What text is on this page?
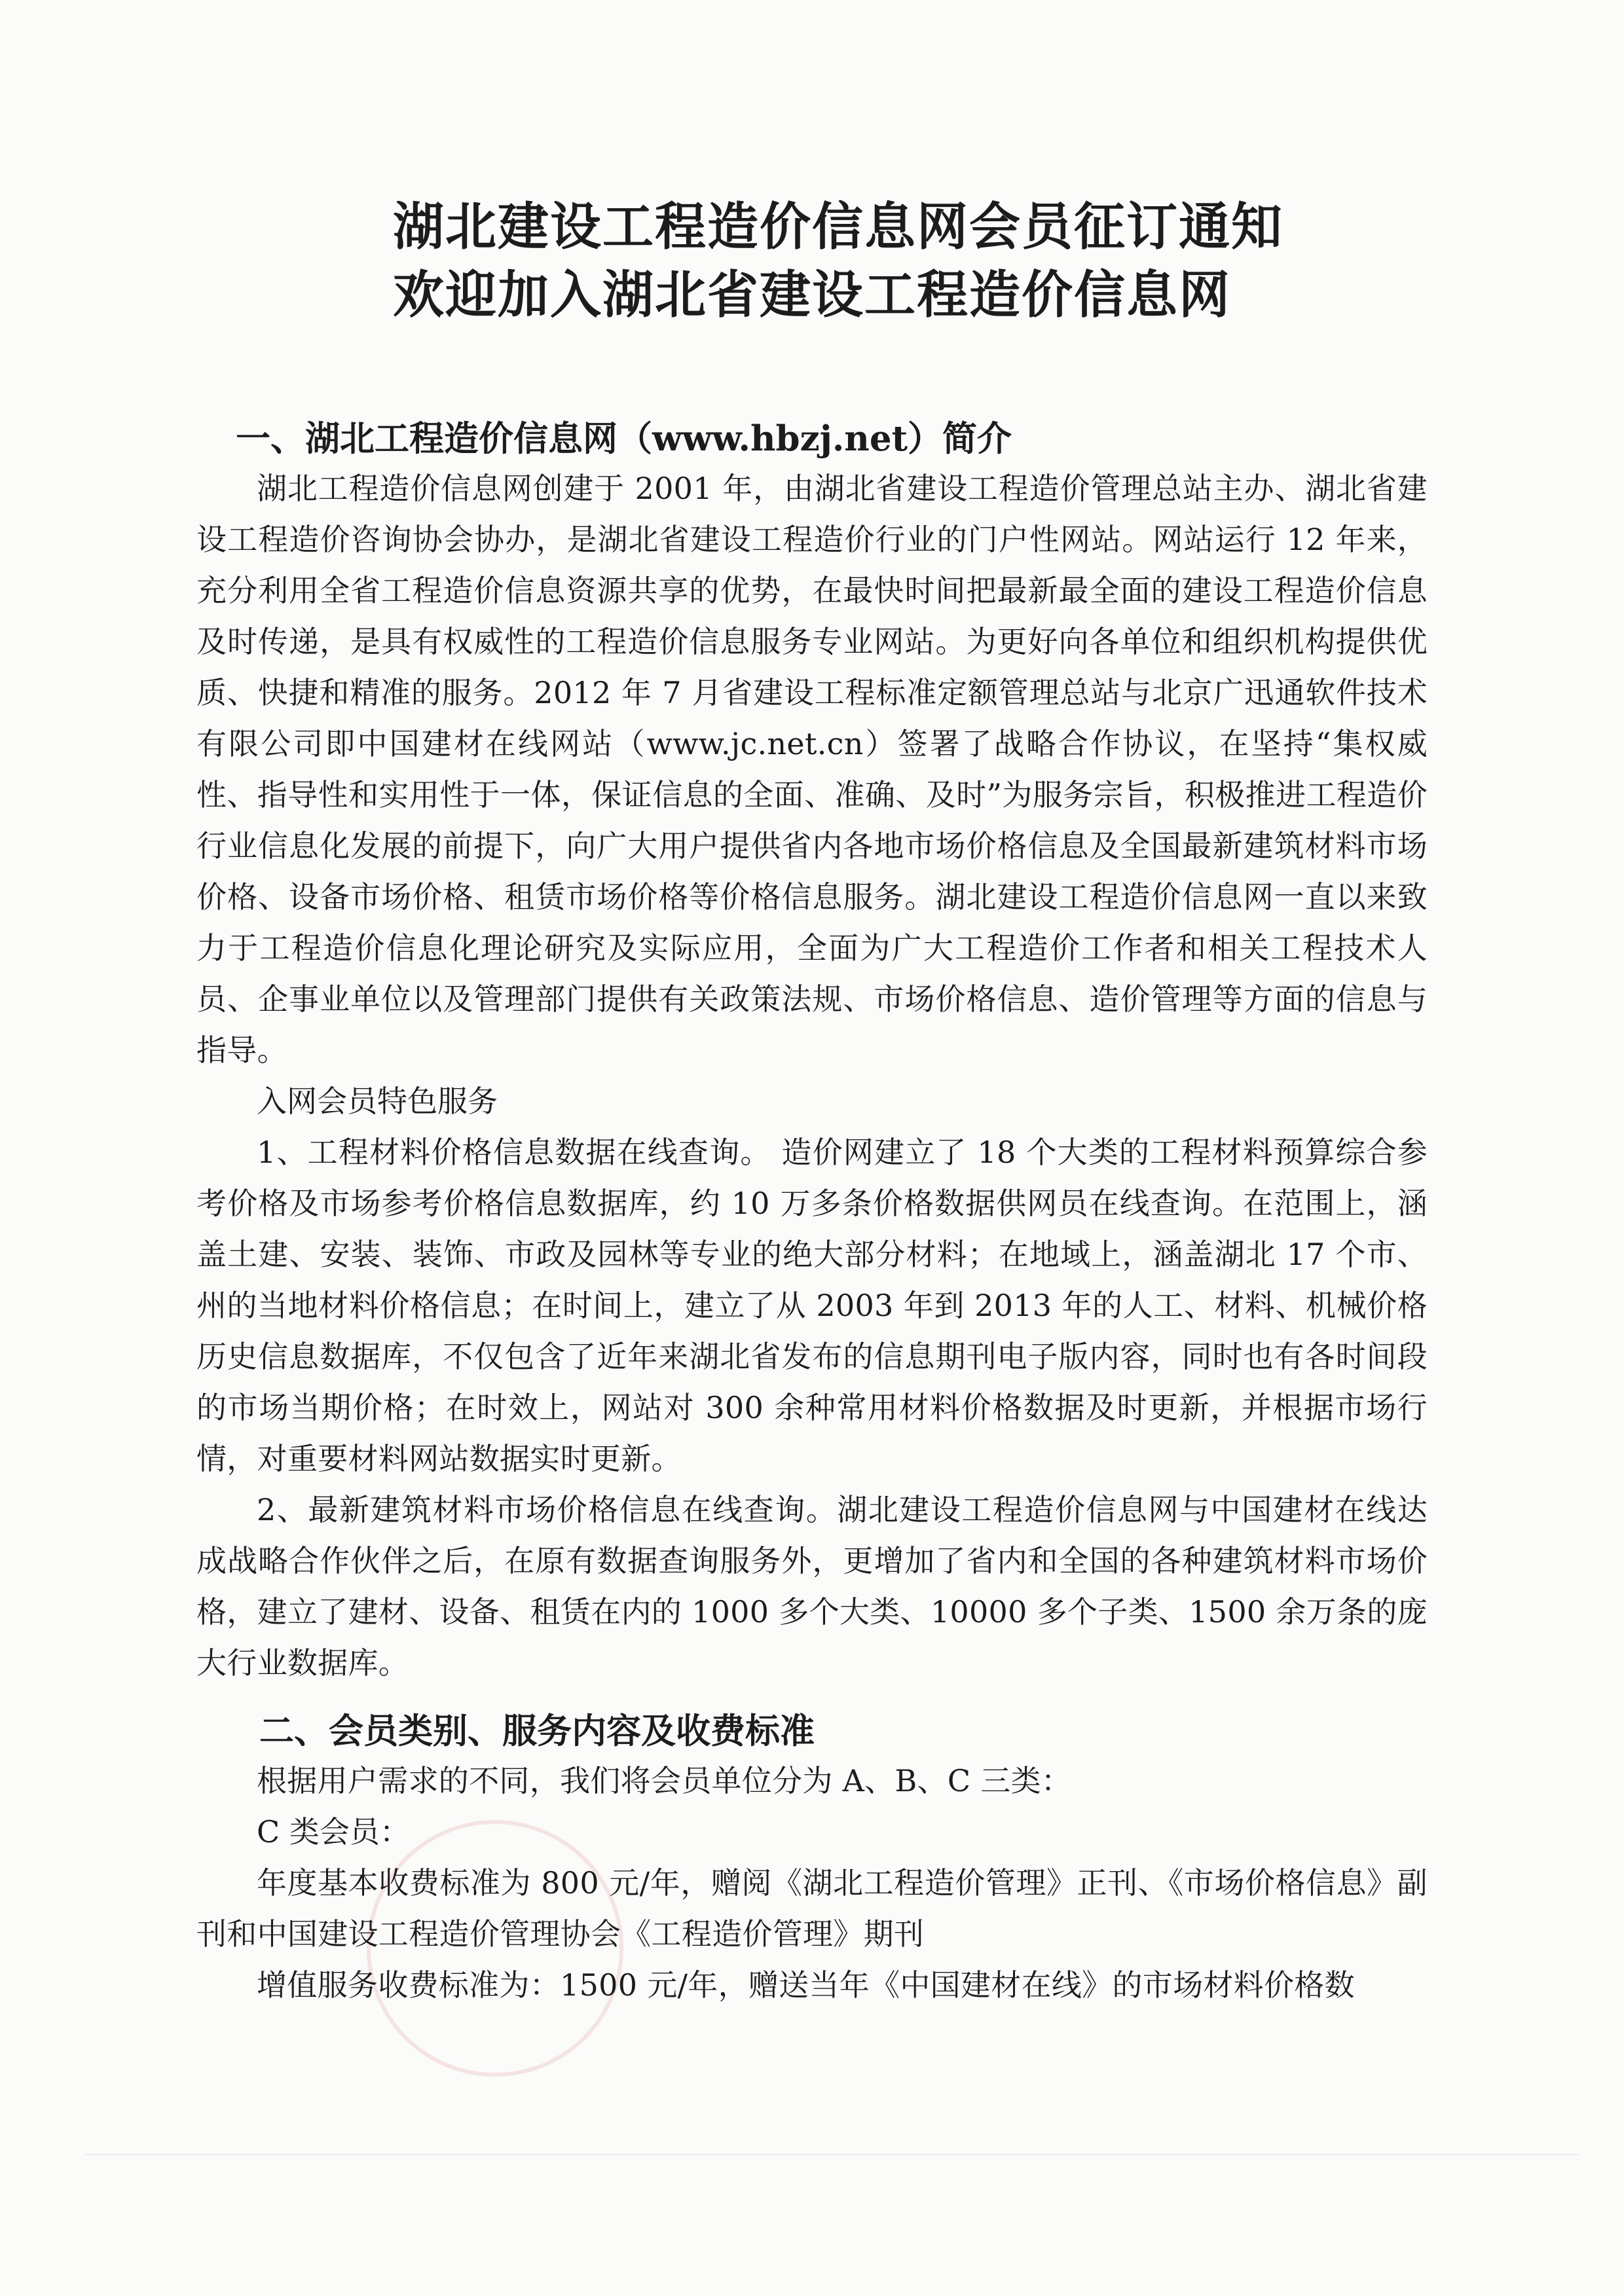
湖北建设工程造价信息网会员征订通知
欢迎加入湖北省建设工程造价信息网
一、湖北工程造价信息网（www.hbzj.net）简介

湖北工程造价信息网创建于 2001 年，由湖北省建设工程造价管理总站主办、湖北省建设工程造价咨询协会协办，是湖北省建设工程造价行业的门户性网站。网站运行 12 年来，充分利用全省工程造价信息资源共享的优势，在最快时间把最新最全面的建设工程造价信息及时传递，是具有权威性的工程造价信息服务专业网站。为更好向各单位和组织机构提供优质、快捷和精准的服务。2012 年 7 月省建设工程标准定额管理总站与北京广迅通软件技术有限公司即中国建材在线网站（www.jc.net.cn）签署了战略合作协议，在坚持“集权威性、指导性和实用性于一体，保证信息的全面、准确、及时”为服务宗旨，积极推进工程造价行业信息化发展的前提下，向广大用户提供省内各地市场价格信息及全国最新建筑材料市场价格、设备市场价格、租赁市场价格等价格信息服务。湖北建设工程造价信息网一直以来致力于工程造价信息化理论研究及实际应用，全面为广大工程造价工作者和相关工程技术人员、企事业单位以及管理部门提供有关政策法规、市场价格信息、造价管理等方面的信息与指导。

入网会员特色服务

1、工程材料价格信息数据在线查询。 造价网建立了 18 个大类的工程材料预算综合参考价格及市场参考价格信息数据库，约 10 万多条价格数据供网员在线查询。在范围上，涵盖土建、安装、装饰、市政及园林等专业的绝大部分材料；在地域上，涵盖湖北 17 个市、州的当地材料价格信息；在时间上，建立了从 2003 年到 2013 年的人工、材料、机械价格历史信息数据库，不仅包含了近年来湖北省发布的信息期刊电子版内容，同时也有各时间段的市场当期价格；在时效上，网站对 300 余种常用材料价格数据及时更新，并根据市场行情，对重要材料网站数据实时更新。

2、最新建筑材料市场价格信息在线查询。湖北建设工程造价信息网与中国建材在线达成战略合作伙伴之后，在原有数据查询服务外，更增加了省内和全国的各种建筑材料市场价格，建立了建材、设备、租赁在内的 1000 多个大类、10000 多个子类、1500 余万条的庞大行业数据库。

二、会员类别、服务内容及收费标准

根据用户需求的不同，我们将会员单位分为 A、B、C 三类：

C 类会员：

年度基本收费标准为 800 元/年，赠阅《湖北工程造价管理》正刊、《市场价格信息》副刊和中国建设工程造价管理协会《工程造价管理》期刊

增值服务收费标准为：1500 元/年，赠送当年《中国建材在线》的市场材料价格数
